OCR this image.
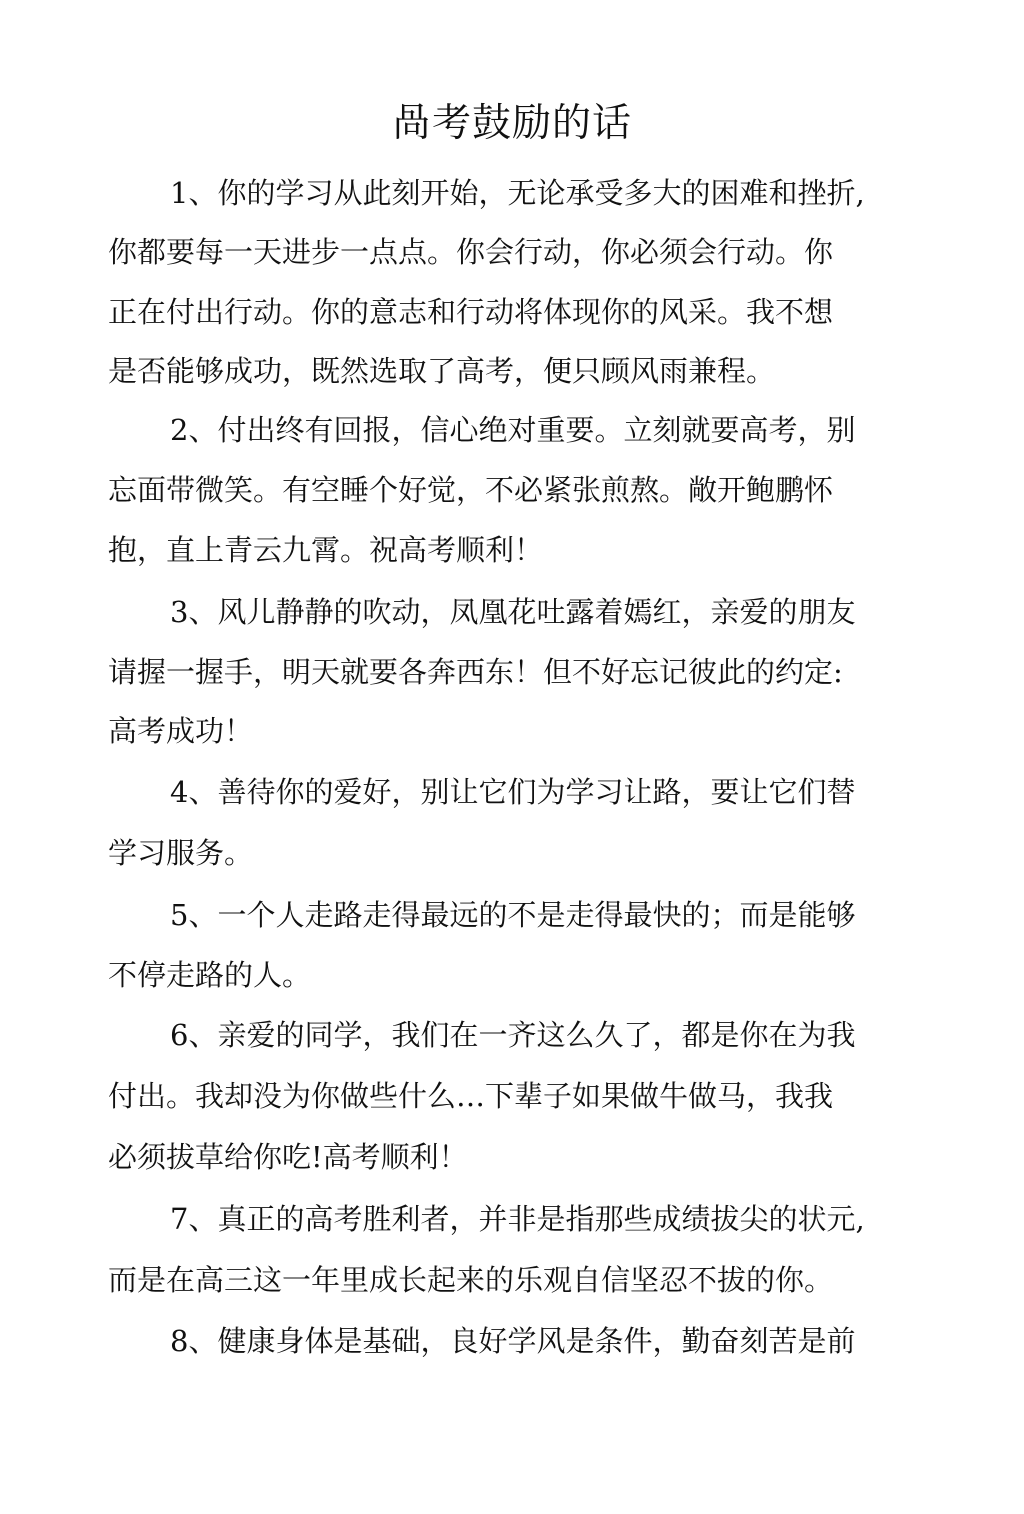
咼考鼓励的话
1、你的学习从此刻开始，无论承受多大的困难和挫折,
你都要每一天进步一点点。你会行动，你必须会行动。你
正在付出行动。你的意志和行动将体现你的风采。我不想
是否能够成功，既然选取了高考，便只顾风雨兼程。
2、付出终有回报，信心绝对重要。立刻就要高考，别
忘面带微笑。有空睡个好觉，不必紧张煎熬。敞开鲍鹏怀
抱，直上青云九霄。祝高考顺利！
3、风儿静静的吹动，凤凰花吐露着嫣红，亲爱的朋友
请握一握手，明天就要各奔西东！但不好忘记彼此的约定:
高考成功！
4、善待你的爱好，别让它们为学习让路，要让它们替
学习服务。
5、一个人走路走得最远的不是走得最快的；而是能够
不停走路的人。
6、亲爱的同学，我们在一齐这么久了，都是你在为我
付出。我却没为你做些什么…下辈子如果做牛做马，我我
必须拔草给你吃!高考顺利！
7、真正的高考胜利者，并非是指那些成绩拔尖的状元,
而是在高三这一年里成长起来的乐观自信坚忍不拔的你。
8、健康身体是基础，良好学风是条件，勤奋刻苦是前
